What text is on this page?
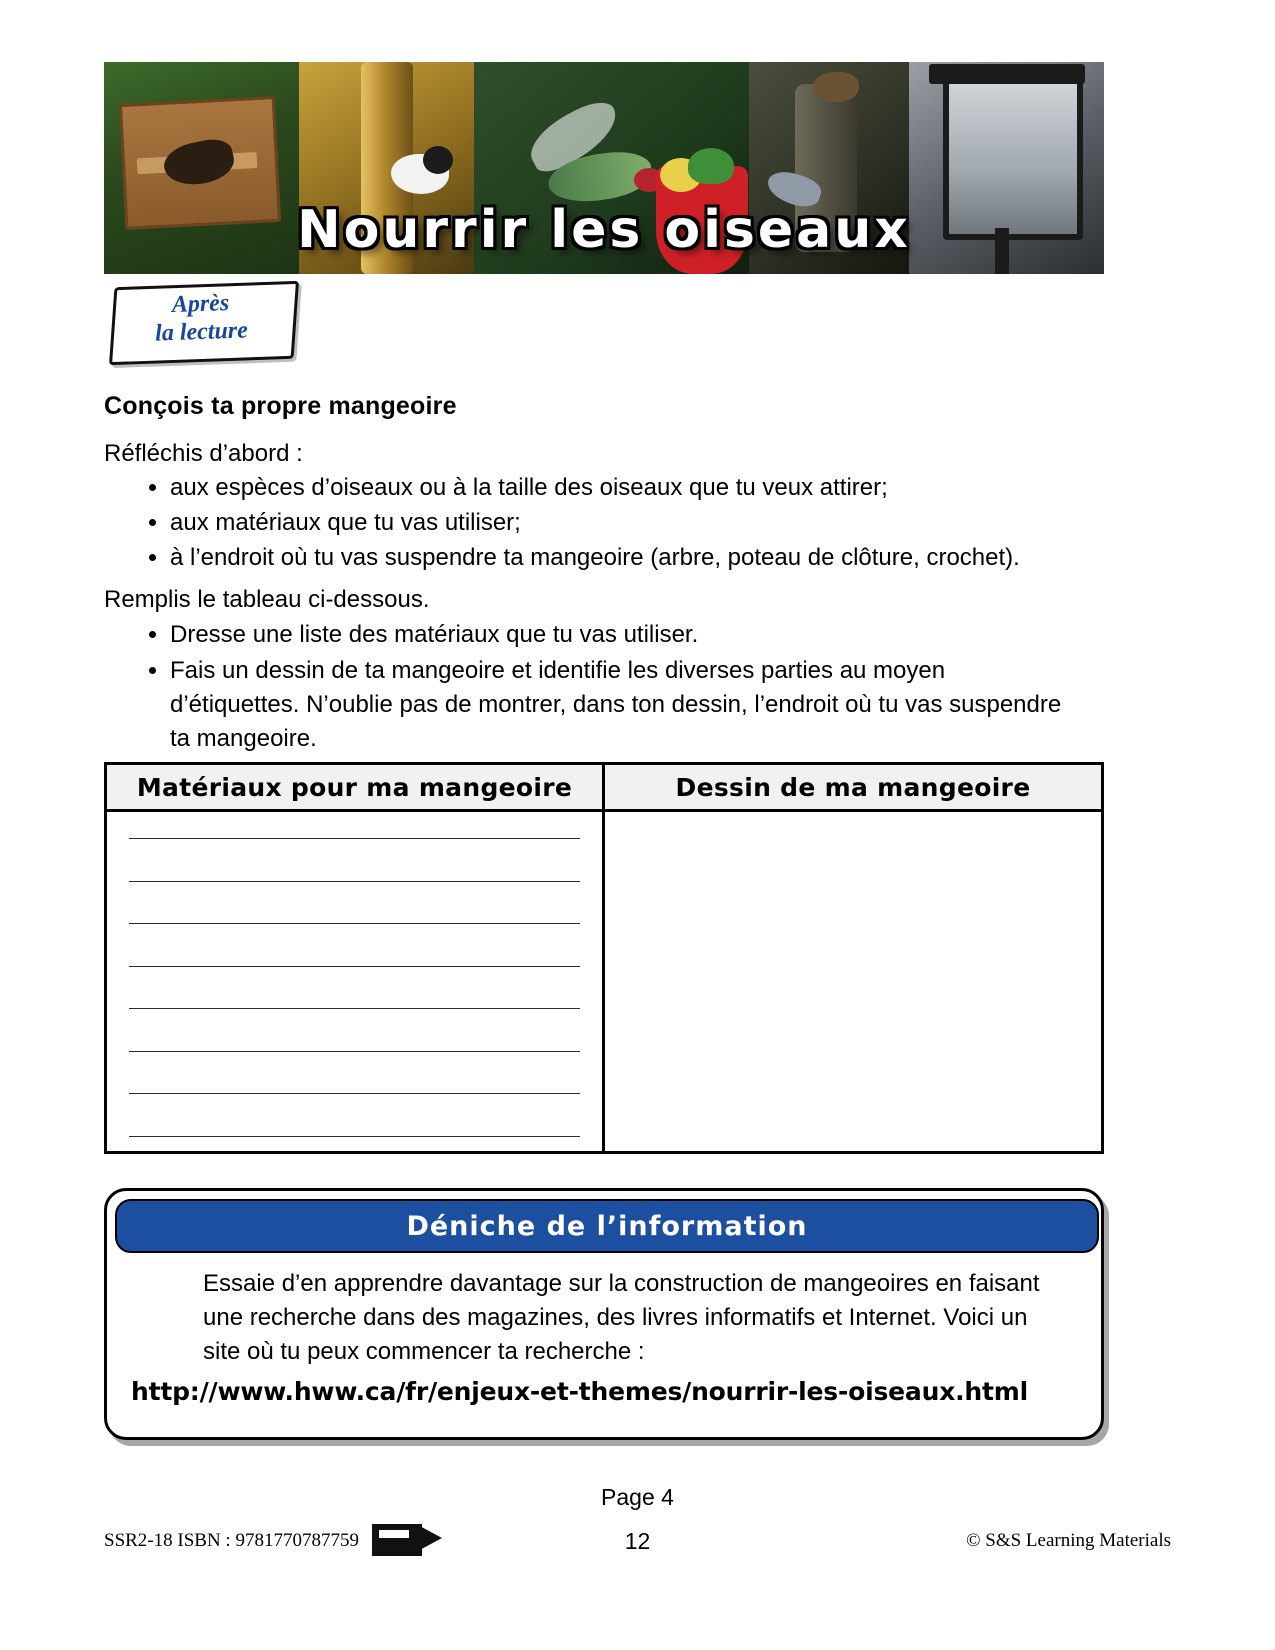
Nourrir les oiseaux
Après
la lecture
Conçois ta propre mangeoire
Réfléchis d’abord :
• aux espèces d’oiseaux ou à la taille des oiseaux que tu veux attirer;
• aux matériaux que tu vas utiliser;
• à l’endroit où tu vas suspendre ta mangeoire (arbre, poteau de clôture, crochet).
Remplis le tableau ci-dessous.
• Dresse une liste des matériaux que tu vas utiliser.
• Fais un dessin de ta mangeoire et identifie les diverses parties au moyen d’étiquettes. N’oublie pas de montrer, dans ton dessin, l’endroit où tu vas suspendre ta mangeoire.
Matériaux pour ma mangeoire	Dessin de ma mangeoire
Déniche de l’information
Essaie d’en apprendre davantage sur la construction de mangeoires en faisant une recherche dans des magazines, des livres informatifs et Internet. Voici un site où tu peux commencer ta recherche :
http://www.hww.ca/fr/enjeux-et-themes/nourrir-les-oiseaux.html
Page 4
SSR2-18 ISBN : 9781770787759	12	© S&S Learning Materials
